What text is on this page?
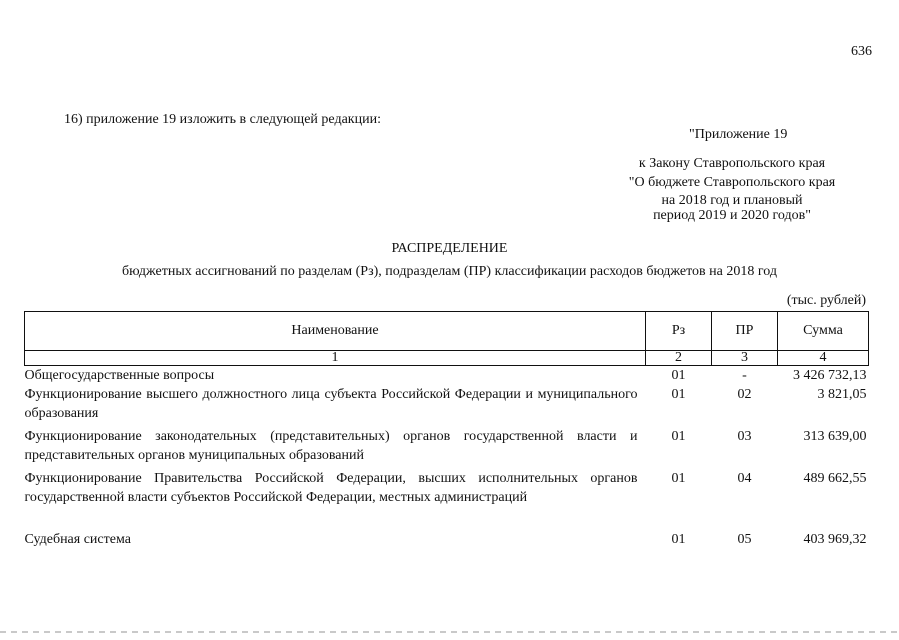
636
16) приложение 19 изложить в следующей редакции:
"Приложение 19
к Закону Ставропольского края
"О бюджете Ставропольского края
на 2018 год и плановый
период 2019 и 2020 годов"
РАСПРЕДЕЛЕНИЕ
бюджетных ассигнований по разделам (Рз), подразделам (ПР) классификации расходов бюджетов на 2018 год
(тыс. рублей)
Наименование	Рз	ПР	Сумма
1	2	3	4
Общегосударственные вопросы	01	-	3 426 732,13
Функционирование высшего должностного лица субъекта Российской Федерации и муниципального образования	01	02	3 821,05
Функционирование законодательных (представительных) органов государственной власти и представительных органов муниципальных образований	01	03	313 639,00
Функционирование Правительства Российской Федерации, высших исполнительных органов государственной власти субъектов Российской Федерации, местных администраций	01	04	489 662,55
Судебная система	01	05	403 969,32
